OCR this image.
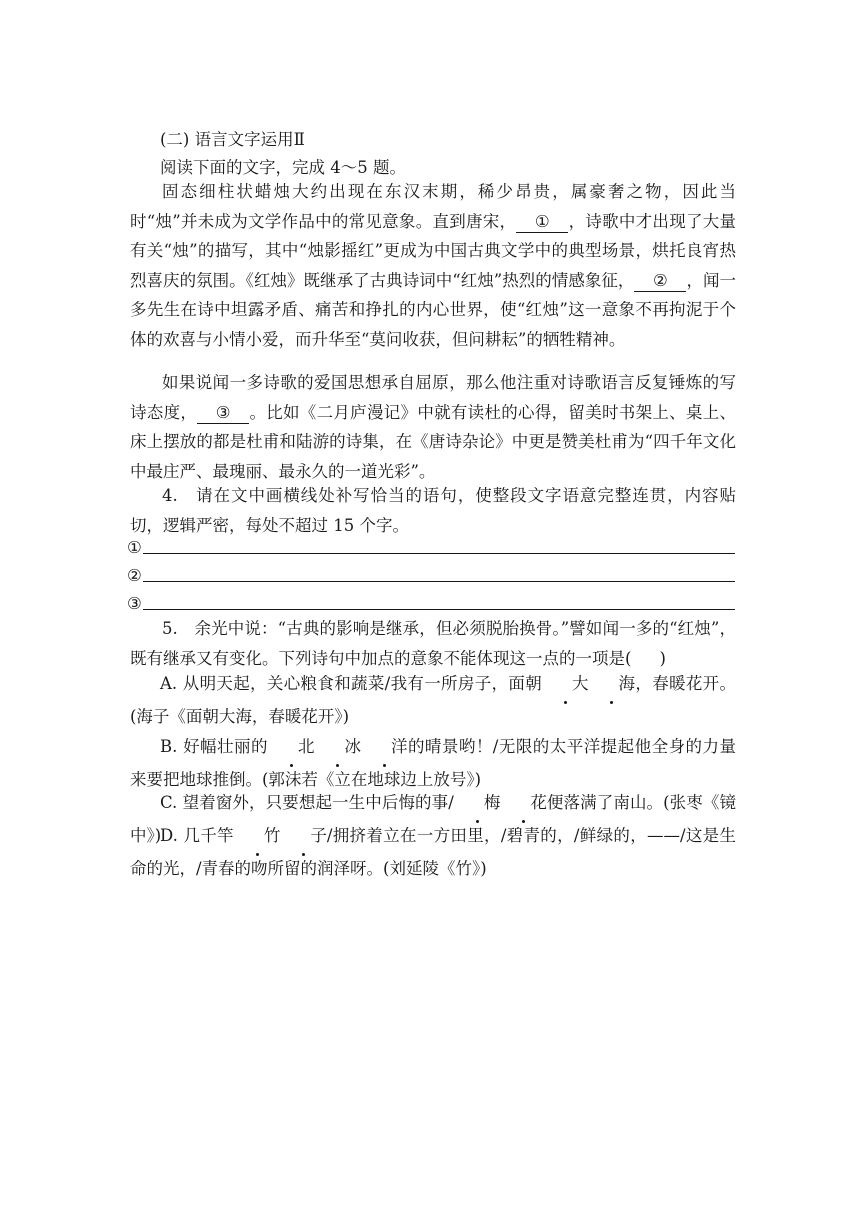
(二) 语言文字运用Ⅱ

阅读下面的文字，完成 4～5 题。

固态细柱状蜡烛大约出现在东汉末期，稀少昂贵，属豪奢之物，因此当时“烛”并未成为文学作品中的常见意象。直到唐宋， ① ，诗歌中才出现了大量有关“烛”的描写，其中“烛影摇红”更成为中国古典文学中的典型场景，烘托良宵热烈喜庆的氛围。《红烛》既继承了古典诗词中“红烛”热烈的情感象征， ② ，闻一多先生在诗中坦露矛盾、痛苦和挣扎的内心世界，使“红烛”这一意象不再拘泥于个体的欢喜与小情小爱，而升华至“莫问收获，但问耕耘”的牺牲精神。

如果说闻一多诗歌的爱国思想承自屈原，那么他注重对诗歌语言反复锤炼的写诗态度， ③ 。比如《二月庐漫记》中就有读杜的心得，留美时书架上、桌上、床上摆放的都是杜甫和陆游的诗集，在《唐诗杂论》中更是赞美杜甫为“四千年文化中最庄严、最瑰丽、最永久的一道光彩”。

4.　请在文中画横线处补写恰当的语句，使整段文字语意完整连贯，内容贴切，逻辑严密，每处不超过 15 个字。

①
②
③

5.　余光中说：“古典的影响是继承，但必须脱胎换骨。”譬如闻一多的“红烛”，既有继承又有变化。下列诗句中加点的意象不能体现这一点的一项是( )

A. 从明天起，关心粮食和蔬菜/我有一所房子，面朝 大 海，春暖花开。(海子《面朝大海，春暖花开》)

B. 好幅壮丽的 北 冰 洋的晴景哟！/无限的太平洋提起他全身的力量来要把地球推倒。(郭沫若《立在地球边上放号》)

C. 望着窗外，只要想起一生中后悔的事/ 梅 花便落满了南山。(张枣《镜中》)

D. 几千竿 竹 子/拥挤着立在一方田里，/碧青的，/鲜绿的，——/这是生命的光，/青春的吻所留的润泽呀。(刘延陵《竹》)
